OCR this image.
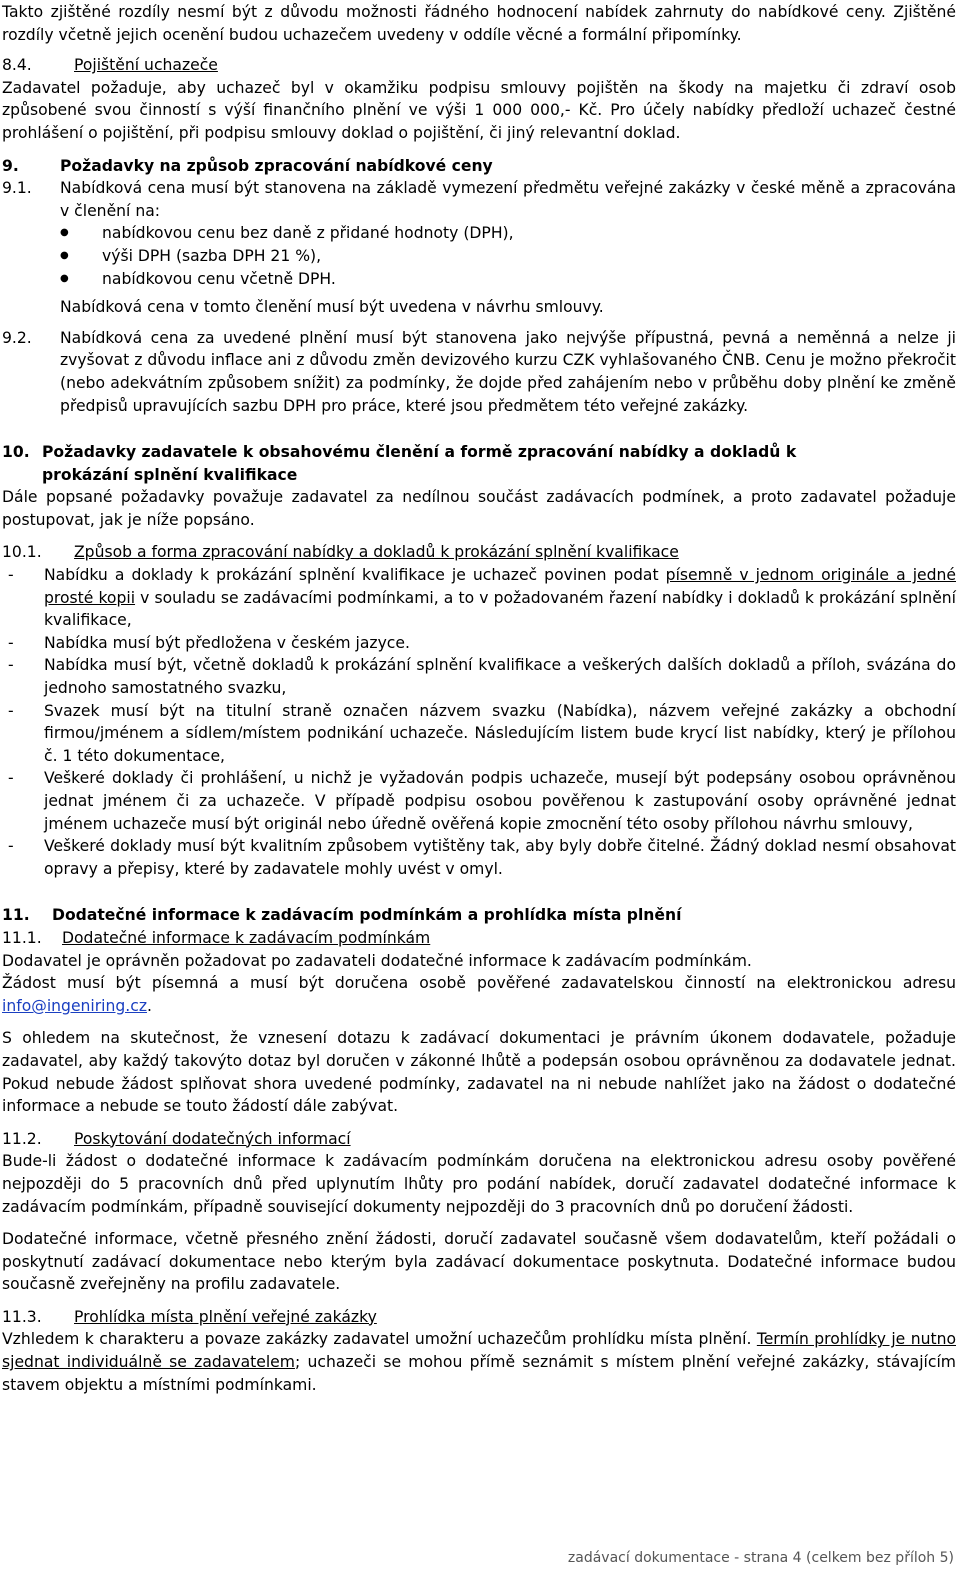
Takto zjištěné rozdíly nesmí být z důvodu možnosti řádného hodnocení nabídek zahrnuty do nabídkové ceny. Zjištěné rozdíly včetně jejich ocenění budou uchazečem uvedeny v oddíle věcné a formální připomínky.

8.4.	Pojištění uchazeče

Zadavatel požaduje, aby uchazeč byl v okamžiku podpisu smlouvy pojištěn na škody na majetku či zdraví osob způsobené svou činností s výší finančního plnění ve výši 1 000 000,- Kč. Pro účely nabídky předloží uchazeč čestné prohlášení o pojištění, při podpisu smlouvy doklad o pojištění, či jiný relevantní doklad.

9.	Požadavky na způsob zpracování nabídkové ceny
9.1.	Nabídková cena musí být stanovena na základě vymezení předmětu veřejné zakázky v české měně a zpracována v členění na:

● nabídkovou cenu bez daně z přidané hodnoty (DPH),
● výši DPH (sazba DPH 21 %),
● nabídkovou cenu včetně DPH.

Nabídková cena v tomto členění musí být uvedena v návrhu smlouvy.

9.2.	Nabídková cena za uvedené plnění musí být stanovena jako nejvýše přípustná, pevná a neměnná a nelze ji zvyšovat z důvodu inflace ani z důvodu změn devizového kurzu CZK vyhlašovaného ČNB. Cenu je možno překročit (nebo adekvátním způsobem snížit) za podmínky, že dojde před zahájením nebo v průběhu doby plnění ke změně předpisů upravujících sazbu DPH pro práce, které jsou předmětem této veřejné zakázky.

10. Požadavky zadavatele k obsahovému členění a formě zpracování nabídky a dokladů k
prokázání splnění kvalifikace

Dále popsané požadavky považuje zadavatel za nedílnou součást zadávacích podmínek, a proto zadavatel požaduje postupovat, jak je níže popsáno.

10.1.	Způsob a forma zpracování nabídky a dokladů k prokázání splnění kvalifikace
- Nabídku a doklady k prokázání splnění kvalifikace je uchazeč povinen podat písemně v jednom originále a jedné prosté kopii v souladu se zadávacími podmínkami, a to v požadovaném řazení nabídky i dokladů k prokázání splnění kvalifikace,
- Nabídka musí být předložena v českém jazyce.
- Nabídka musí být, včetně dokladů k prokázání splnění kvalifikace a veškerých dalších dokladů a příloh, svázána do jednoho samostatného svazku,
- Svazek musí být na titulní straně označen názvem svazku (Nabídka), názvem veřejné zakázky a obchodní firmou/jménem a sídlem/místem podnikání uchazeče. Následujícím listem bude krycí list nabídky, který je přílohou č. 1 této dokumentace,
- Veškeré doklady či prohlášení, u nichž je vyžadován podpis uchazeče, musejí být podepsány osobou oprávněnou jednat jménem či za uchazeče. V případě podpisu osobou pověřenou k zastupování osoby oprávněné jednat jménem uchazeče musí být originál nebo úředně ověřená kopie zmocnění této osoby přílohou návrhu smlouvy,
- Veškeré doklady musí být kvalitním způsobem vytištěny tak, aby byly dobře čitelné. Žádný doklad nesmí obsahovat opravy a přepisy, které by zadavatele mohly uvést v omyl.
11.	Dodatečné informace k zadávacím podmínkám a prohlídka místa plnění
11.1.	Dodatečné informace k zadávacím podmínkám

Dodavatel je oprávněn požadovat po zadavateli dodatečné informace k zadávacím podmínkám.

Žádost musí být písemná a musí být doručena osobě pověřené zadavatelskou činností na elektronickou adresu info@ingeniring.cz.

S ohledem na skutečnost, že vznesení dotazu k zadávací dokumentaci je právním úkonem dodavatele, požaduje zadavatel, aby každý takovýto dotaz byl doručen v zákonné lhůtě a podepsán osobou oprávněnou za dodavatele jednat. Pokud nebude žádost splňovat shora uvedené podmínky, zadavatel na ni nebude nahlížet jako na žádost o dodatečné informace a nebude se touto žádostí dále zabývat.

11.2.	Poskytování dodatečných informací

Bude-li žádost o dodatečné informace k zadávacím podmínkám doručena na elektronickou adresu osoby pověřené nejpozději do 5 pracovních dnů před uplynutím lhůty pro podání nabídek, doručí zadavatel dodatečné informace k zadávacím podmínkám, případně související dokumenty nejpozději do 3 pracovních dnů po doručení žádosti.

Dodatečné informace, včetně přesného znění žádosti, doručí zadavatel současně všem dodavatelům, kteří požádali o poskytnutí zadávací dokumentace nebo kterým byla zadávací dokumentace poskytnuta. Dodatečné informace budou současně zveřejněny na profilu zadavatele.

11.3.	Prohlídka místa plnění veřejné zakázky

Vzhledem k charakteru a povaze zakázky zadavatel umožní uchazečům prohlídku místa plnění. Termín prohlídky je nutno sjednat individuálně se zadavatelem; uchazeči se mohou přímě seznámit s místem plnění veřejné zakázky, stávajícím stavem objektu a místními podmínkami.

zadávací dokumentace - strana 4 (celkem bez příloh 5)
